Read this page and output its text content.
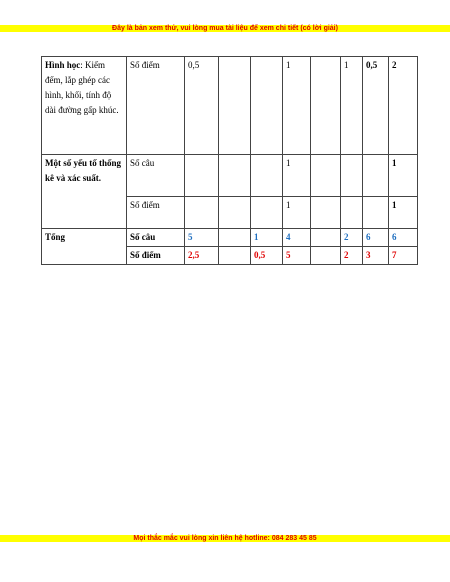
Đây là bản xem thử, vui lòng mua tài liệu để xem chi tiết (có lời giải)
Hình học: Kiếm đếm, lắp ghép các hình, khối, tính độ dài đường gấp khúc.	Số điểm	0,5			1		1	0,5	2
Một số yếu tố thống kê và xác suất.	Số câu				1				1
	Số điểm				1				1
Tổng	Số câu	5		1	4		2	6	6
	Số điểm	2,5		0,5	5		2	3	7
Mọi thắc mắc vui lòng xin liên hệ hotline: 084 283 45 85
